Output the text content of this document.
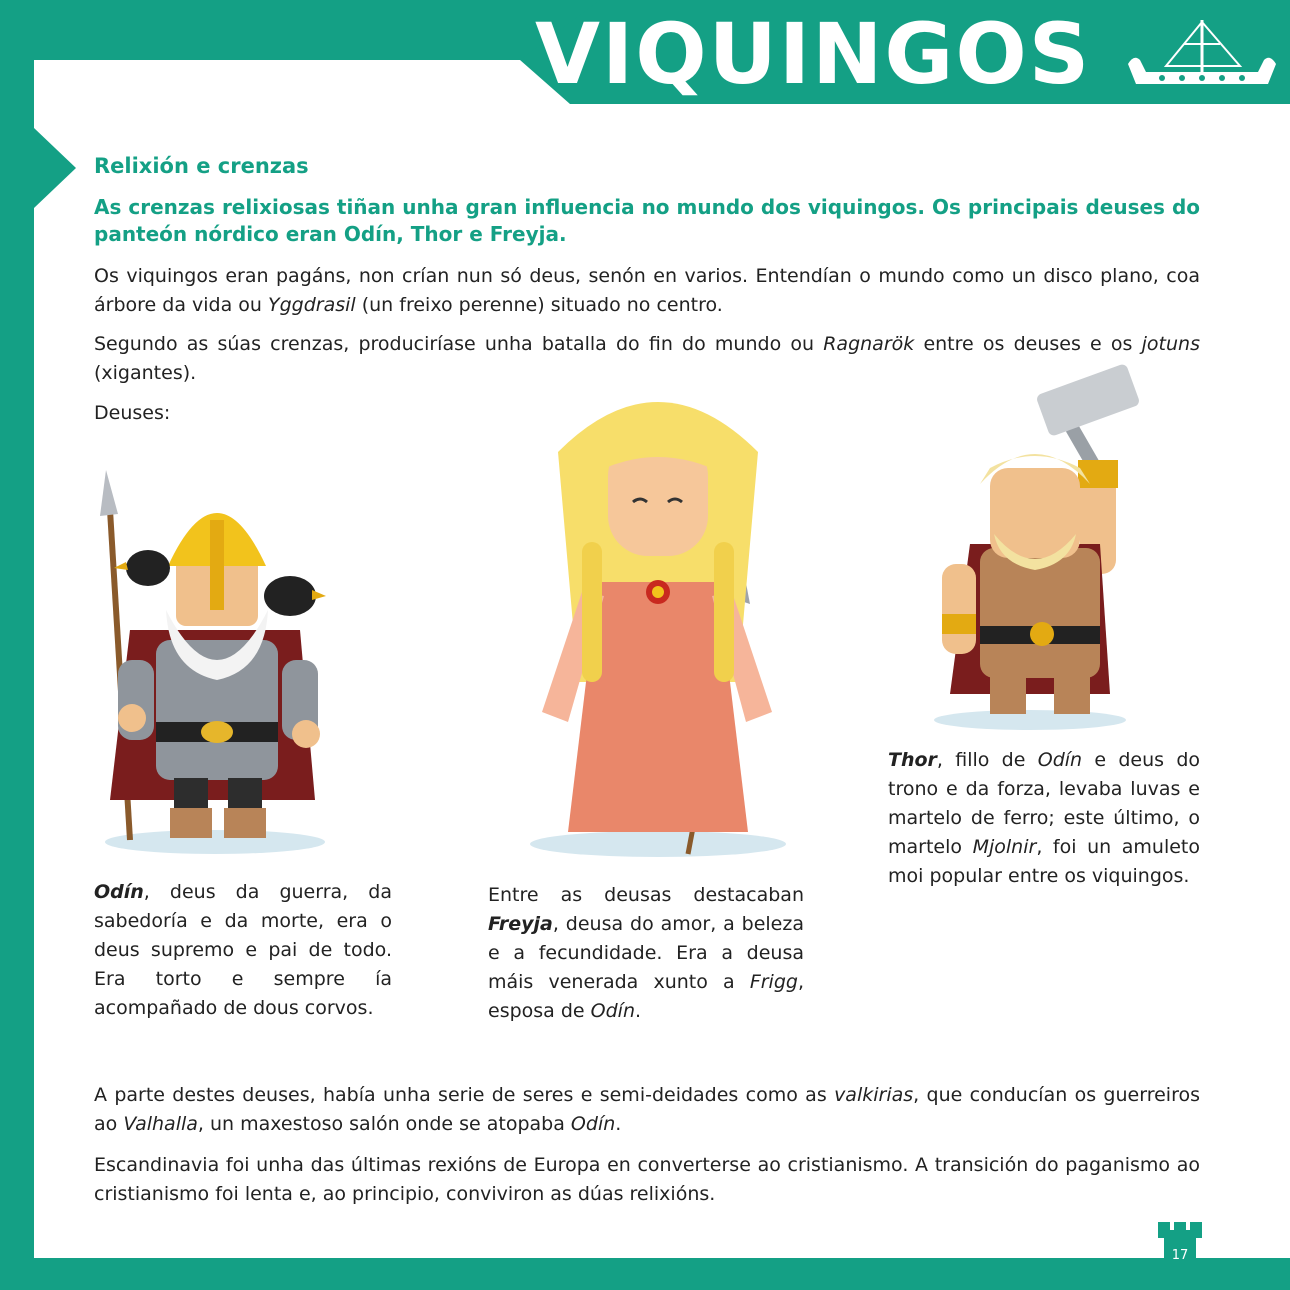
VIQUINGOS
Relixión e crenzas
As crenzas relixiosas tiñan unha gran influencia no mundo dos viquingos. Os principais deuses do panteón nórdico eran Odín, Thor e Freyja.
Os viquingos eran pagáns, non crían nun só deus, senón en varios. Entendían o mundo como un disco plano, coa árbore da vida ou Yggdrasil (un freixo perenne) situado no centro.
Segundo as súas crenzas, produciríase unha batalla do fin do mundo ou Ragnarök entre os deuses e os jotuns (xigantes).
Deuses:
Odín, deus da guerra, da sabedoría e da morte, era o deus supremo e pai de todo. Era torto e sempre ía acompañado de dous corvos.
Entre as deusas destacaban Freyja, deusa do amor, a beleza e a fecundidade. Era a deusa máis venerada xunto a Frigg, esposa de Odín.
Thor, fillo de Odín e deus do trono e da forza, levaba luvas e martelo de ferro; este último, o martelo Mjolnir, foi un amuleto moi popular entre os viquingos.
A parte destes deuses, había unha serie de seres e semi-deidades como as valkirias, que conducían os guerreiros ao Valhalla, un maxestoso salón onde se atopaba Odín.
Escandinavia foi unha das últimas rexións de Europa en converterse ao cristianismo. A transición do paganismo ao cristianismo foi lenta e, ao principio, conviviron as dúas relixións.
17
